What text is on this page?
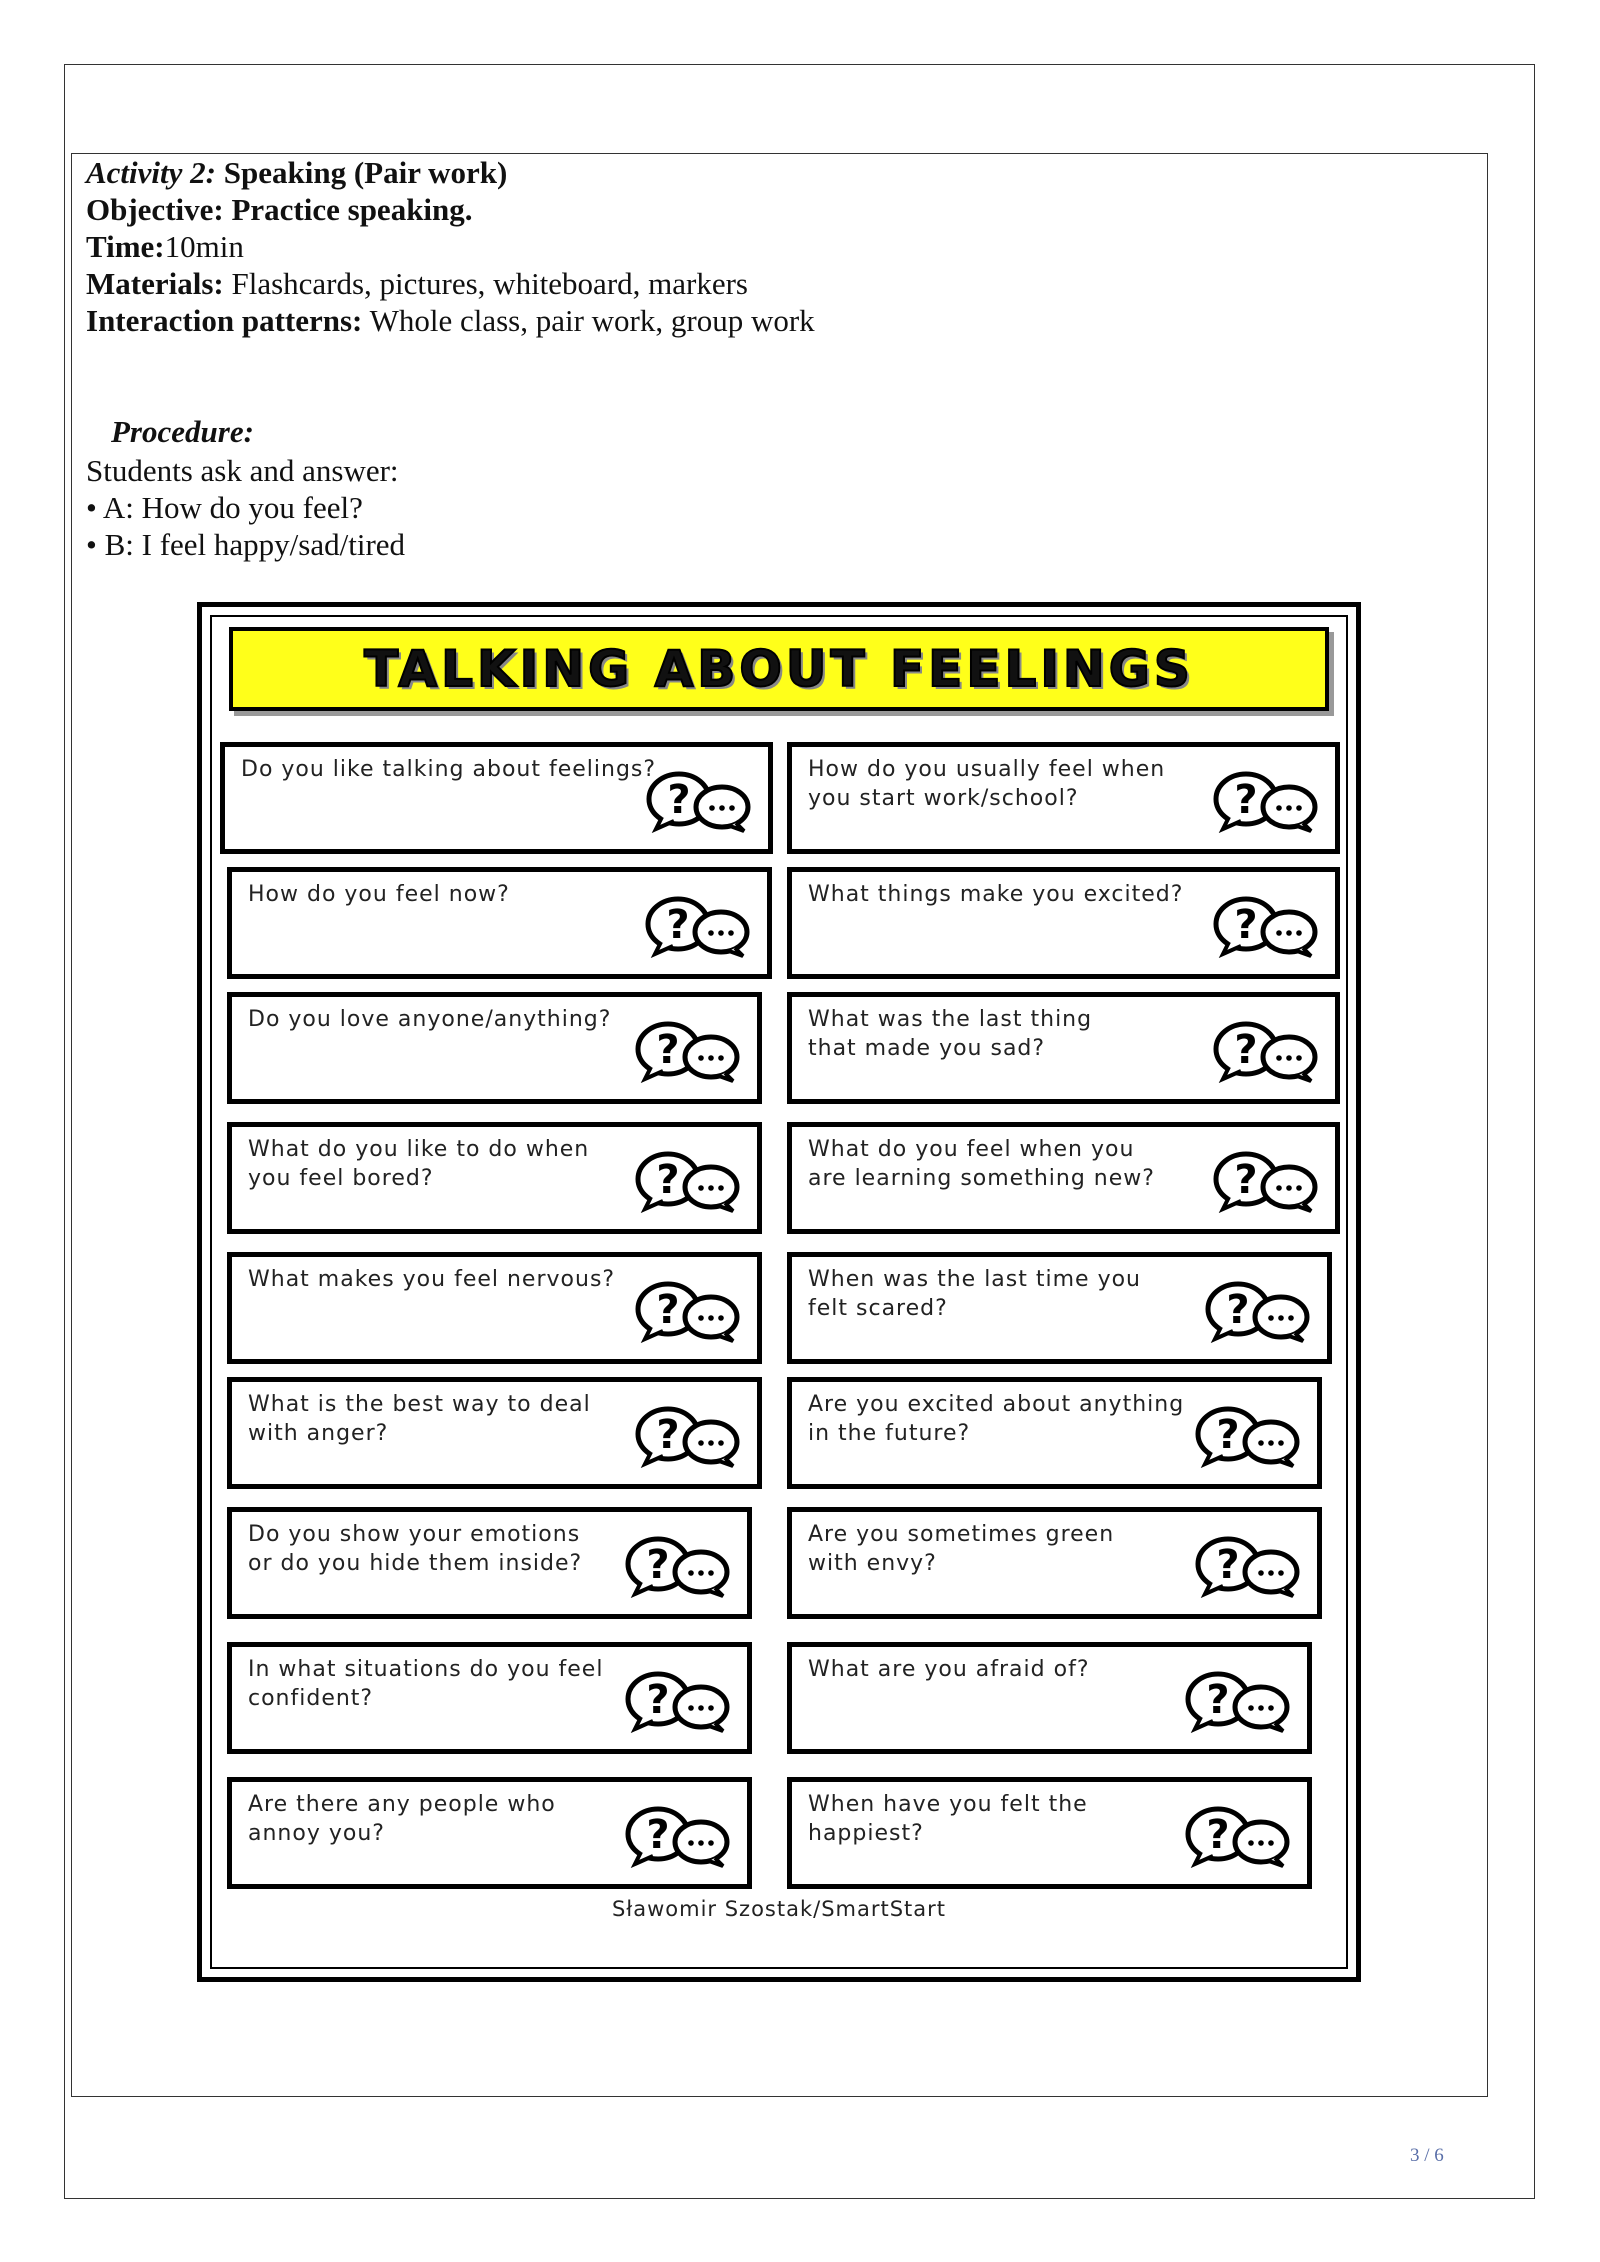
Activity 2: Speaking (Pair work)
Objective: Practice speaking.
Time:10min
Materials: Flashcards, pictures, whiteboard, markers
Interaction patterns: Whole class, pair work, group work
Procedure:
Students ask and answer:
• A: How do you feel?
• B: I feel happy/sad/tired
TALKING ABOUT FEELINGS
Sławomir Szostak/SmartStart
Do you like talking about feelings?
?
How do you usually feel when
you start work/school?	?
How do you feel now?
?
What things make you excited?
?
Do you love anyone/anything?
?
What was the last thing
that made you sad?	?
What do you like to do when
you feel bored?	?
What do you feel when you
are learning something new? ?
What makes you feel nervous?
?
When was the last time you
felt scared?	?
What is the best way to deal
with anger?	?
Are you excited about anything
in the future?	?
Do you show your emotions
or do you hide them inside? ?
Are you sometimes green
with envy?	?
In what situations do you feel
confident?	?
What are you afraid of?
?
Are there any people who
annoy you?	?
When have you felt the
happiest?	?
3 / 6
